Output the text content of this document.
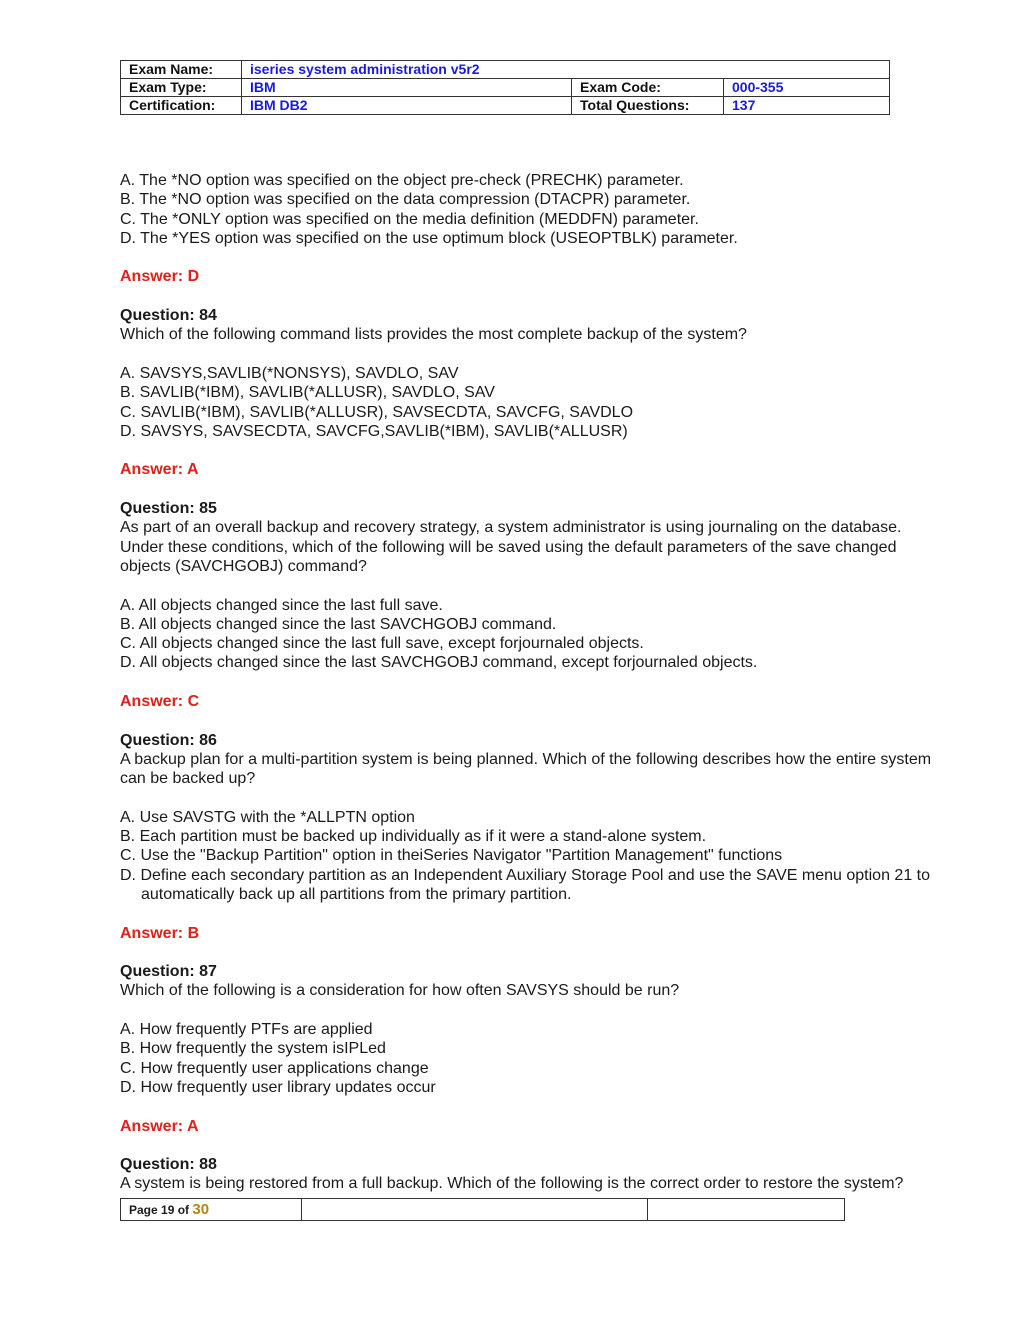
Exam Name:	iseries system administration v5r2		
Exam Type:	IBM	Exam Code:	000-355
Certification:	IBM DB2	Total Questions:	137
A. The *NO option was specified on the object pre-check (PRECHK) parameter.
B. The *NO option was specified on the data compression (DTACPR) parameter.
C. The *ONLY option was specified on the media definition (MEDDFN) parameter.
D. The *YES option was specified on the use optimum block (USEOPTBLK) parameter.
Answer: D
Question: 84
Which of the following command lists provides the most complete backup of the system?
A. SAVSYS,SAVLIB(*NONSYS), SAVDLO, SAV
B. SAVLIB(*IBM), SAVLIB(*ALLUSR), SAVDLO, SAV
C. SAVLIB(*IBM), SAVLIB(*ALLUSR), SAVSECDTA, SAVCFG, SAVDLO
D. SAVSYS, SAVSECDTA, SAVCFG,SAVLIB(*IBM), SAVLIB(*ALLUSR)
Answer: A
Question: 85
As part of an overall backup and recovery strategy, a system administrator is using journaling on the database.
Under these conditions, which of the following will be saved using the default parameters of the save changed
objects (SAVCHGOBJ) command?
A. All objects changed since the last full save.
B. All objects changed since the last SAVCHGOBJ command.
C. All objects changed since the last full save, except forjournaled objects.
D. All objects changed since the last SAVCHGOBJ command, except forjournaled objects.
Answer: C
Question: 86
A backup plan for a multi-partition system is being planned. Which of the following describes how the entire system
can be backed up?
A. Use SAVSTG with the *ALLPTN option
B. Each partition must be backed up individually as if it were a stand-alone system.
C. Use the "Backup Partition" option in theiSeries Navigator "Partition Management" functions
D. Define each secondary partition as an Independent Auxiliary Storage Pool and use the SAVE menu option 21 to
automatically back up all partitions from the primary partition.
Answer: B
Question: 87
Which of the following is a consideration for how often SAVSYS should be run?
A. How frequently PTFs are applied
B. How frequently the system isIPLed
C. How frequently user applications change
D. How frequently user library updates occur
Answer: A
Question: 88
A system is being restored from a full backup. Which of the following is the correct order to restore the system?
Page 19 of 30		
